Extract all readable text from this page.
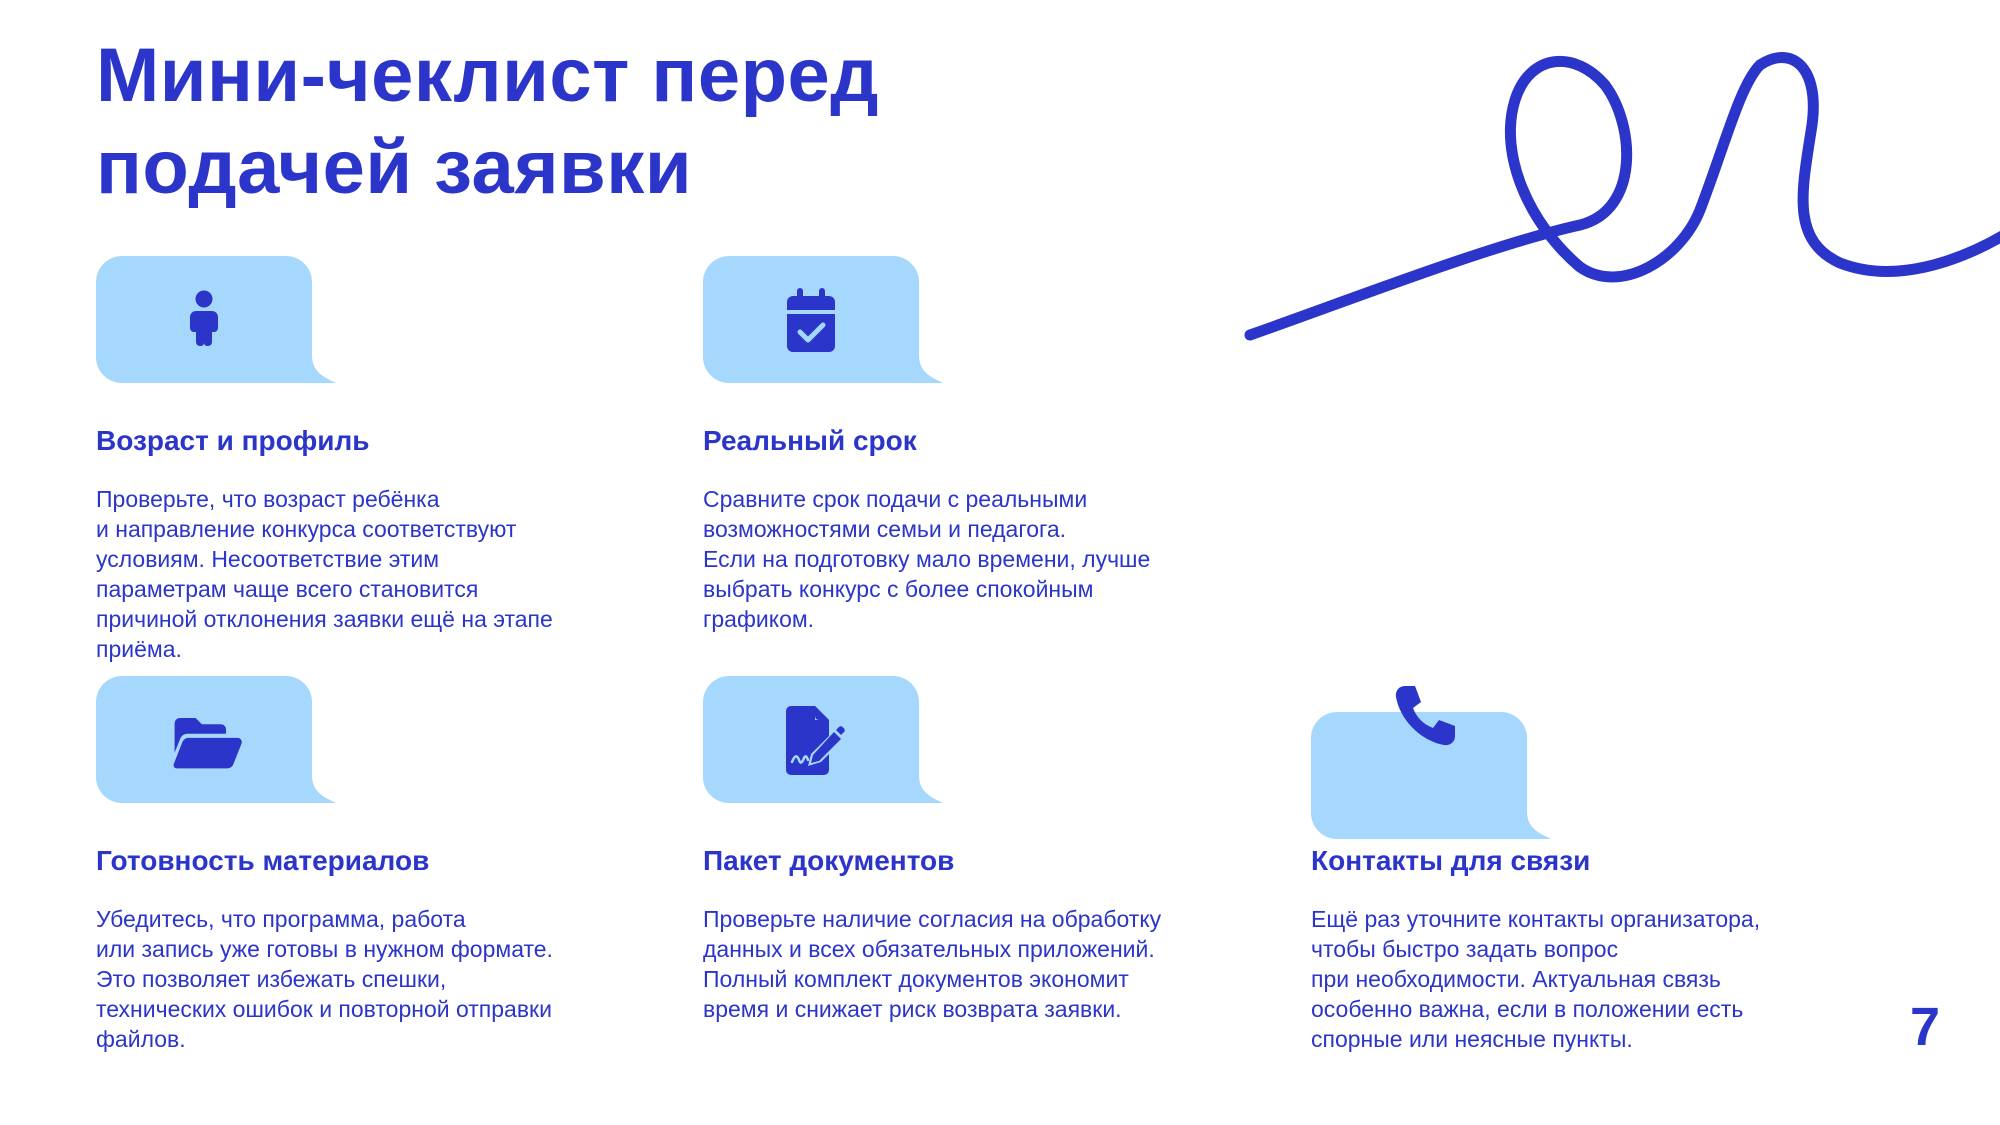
Мини-чеклист перед
подачей заявки
Возраст и профиль

Проверьте, что возраст ребёнка
и направление конкурса соответствуют
условиям. Несоответствие этим
параметрам чаще всего становится
причиной отклонения заявки ещё на этапе
приёма.

Реальный срок

Сравните срок подачи с реальными
возможностями семьи и педагога.
Если на подготовку мало времени, лучше
выбрать конкурс с более спокойным
графиком.

Готовность материалов

Убедитесь, что программа, работа
или запись уже готовы в нужном формате.
Это позволяет избежать спешки,
технических ошибок и повторной отправки
файлов.

Пакет документов

Проверьте наличие согласия на обработку
данных и всех обязательных приложений.
Полный комплект документов экономит
время и снижает риск возврата заявки.

Контакты для связи

Ещё раз уточните контакты организатора,
чтобы быстро задать вопрос
при необходимости. Актуальная связь
особенно важна, если в положении есть
спорные или неясные пункты.	7
